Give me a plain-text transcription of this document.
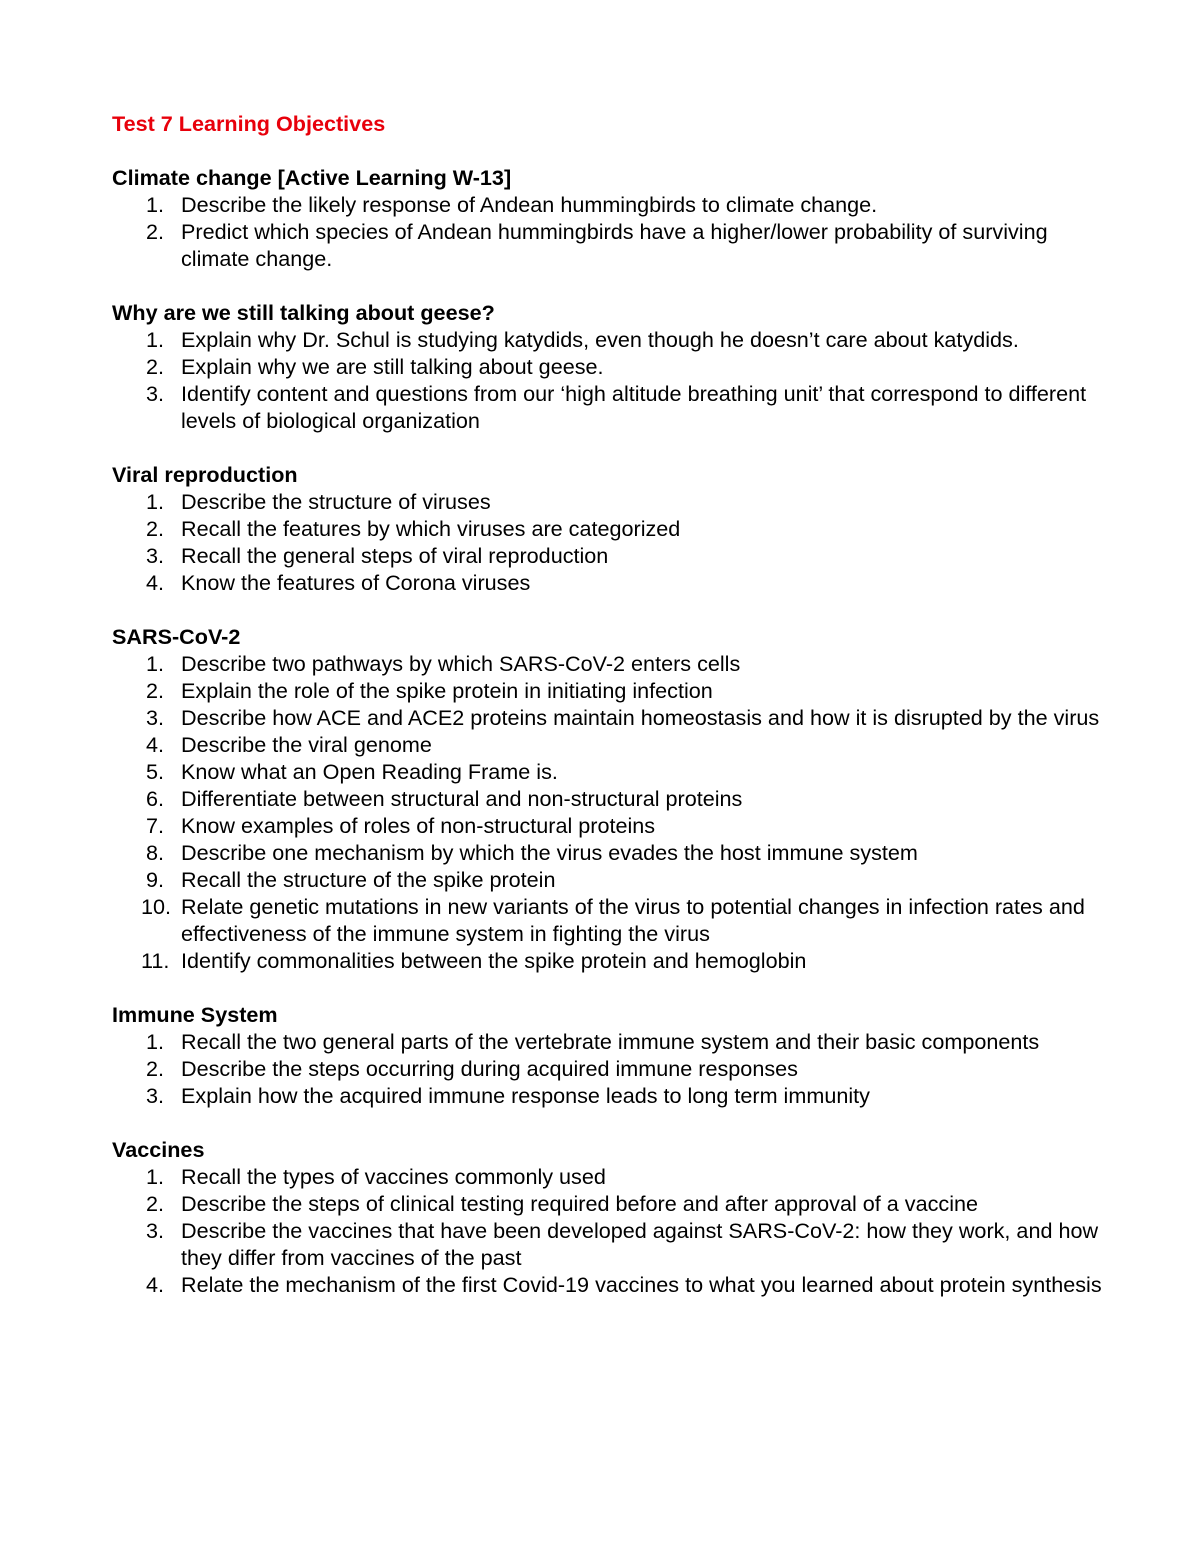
Test 7 Learning Objectives
Climate change [Active Learning W-13]
1. Describe the likely response of Andean hummingbirds to climate change.
2. Predict which species of Andean hummingbirds have a higher/lower probability of surviving climate change.
Why are we still talking about geese?
1. Explain why Dr. Schul is studying katydids, even though he doesn’t care about katydids.
2. Explain why we are still talking about geese.
3. Identify content and questions from our ‘high altitude breathing unit’ that correspond to different levels of biological organization
Viral reproduction
1. Describe the structure of viruses
2. Recall the features by which viruses are categorized
3. Recall the general steps of viral reproduction
4. Know the features of Corona viruses
SARS-CoV-2
1. Describe two pathways by which SARS-CoV-2 enters cells
2. Explain the role of the spike protein in initiating infection
3. Describe how ACE and ACE2 proteins maintain homeostasis and how it is disrupted by the virus
4. Describe the viral genome
5. Know what an Open Reading Frame is.
6. Differentiate between structural and non-structural proteins
7. Know examples of roles of non-structural proteins
8. Describe one mechanism by which the virus evades the host immune system
9. Recall the structure of the spike protein
10. Relate genetic mutations in new variants of the virus to potential changes in infection rates and effectiveness of the immune system in fighting the virus
11. Identify commonalities between the spike protein and hemoglobin
Immune System
1. Recall the two general parts of the vertebrate immune system and their basic components
2. Describe the steps occurring during acquired immune responses
3. Explain how the acquired immune response leads to long term immunity
Vaccines
1. Recall the types of vaccines commonly used
2. Describe the steps of clinical testing required before and after approval of a vaccine
3. Describe the vaccines that have been developed against SARS-CoV-2: how they work, and how they differ from vaccines of the past
4. Relate the mechanism of the first Covid-19 vaccines to what you learned about protein synthesis
